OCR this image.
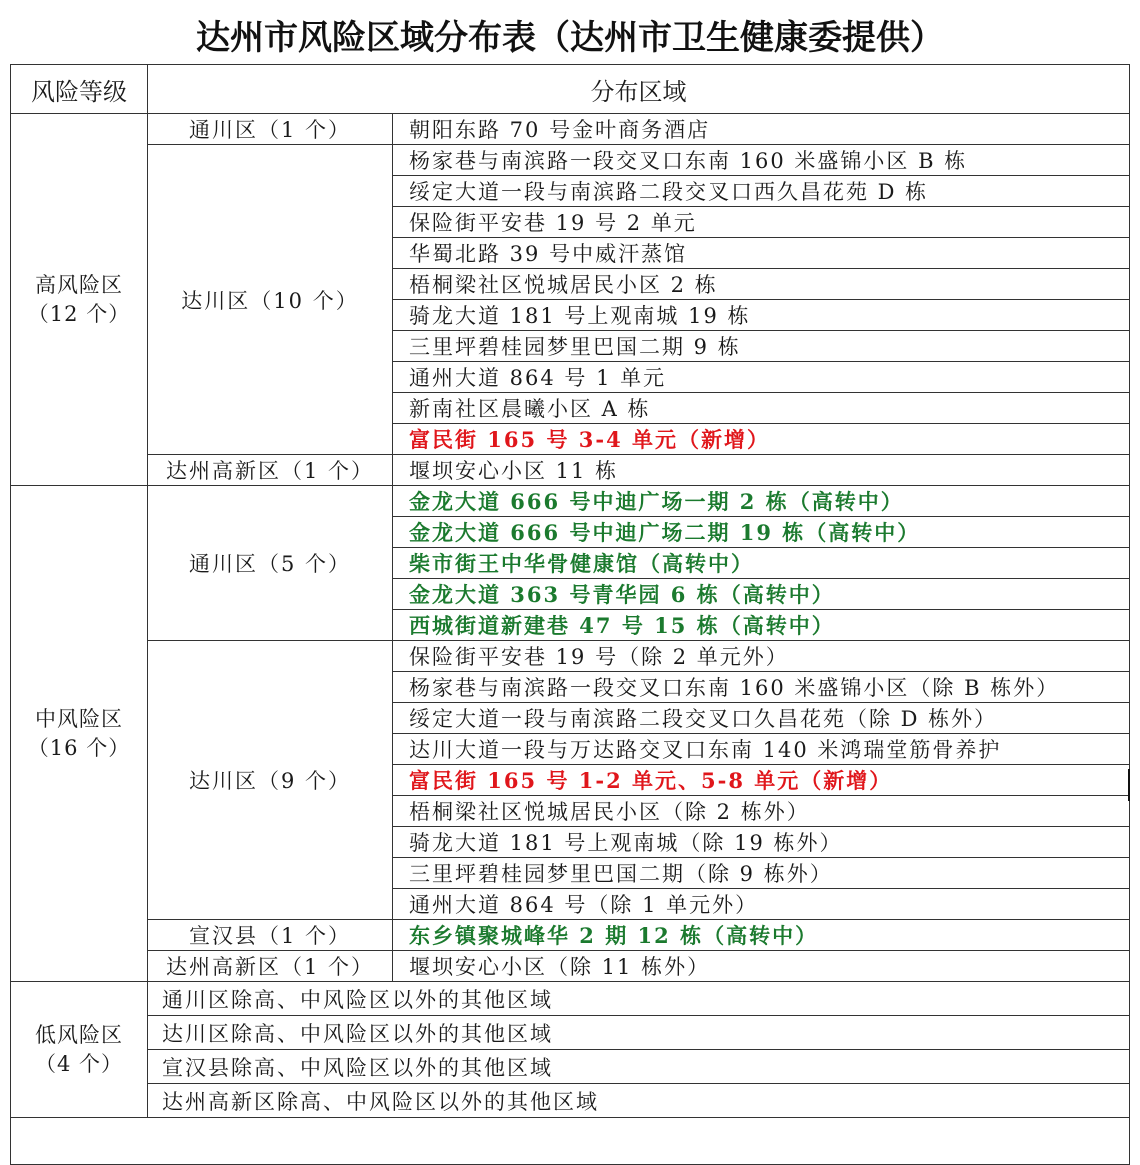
达州市风险区域分布表（达州市卫生健康委提供）
风险等级	分布区域	

高风险区
（12 个）	通川区（1 个）	朝阳东路 70 号金叶商务酒店
	达川区（10 个）	杨家巷与南滨路一段交叉口东南 160 米盛锦小区 B 栋
		绥定大道一段与南滨路二段交叉口西久昌花苑 D 栋
		保险街平安巷 19 号 2 单元
		华蜀北路 39 号中威汗蒸馆
		梧桐梁社区悦城居民小区 2 栋
		骑龙大道 181 号上观南城 19 栋
		三里坪碧桂园梦里巴国二期 9 栋
		通州大道 864 号 1 单元
		新南社区晨曦小区 A 栋
		富民街 165 号 3-4 单元（新增）
	达州高新区（1 个）	堰坝安心小区 11 栋

中风险区
（16 个）	通川区（5 个）	金龙大道 666 号中迪广场一期 2 栋（高转中）
		金龙大道 666 号中迪广场二期 19 栋（高转中）
		柴市街王中华骨健康馆（高转中）
		金龙大道 363 号青华园 6 栋（高转中）
		西城街道新建巷 47 号 15 栋（高转中）
	达川区（9 个）	保险街平安巷 19 号（除 2 单元外）
		杨家巷与南滨路一段交叉口东南 160 米盛锦小区（除 B 栋外）
		绥定大道一段与南滨路二段交叉口久昌花苑（除 D 栋外）
		达川大道一段与万达路交叉口东南 140 米鸿瑞堂筋骨养护
		富民街 165 号 1-2 单元、5-8 单元（新增）
		梧桐梁社区悦城居民小区（除 2 栋外）
		骑龙大道 181 号上观南城（除 19 栋外）
		三里坪碧桂园梦里巴国二期（除 9 栋外）
		通州大道 864 号（除 1 单元外）
	宣汉县（1 个）	东乡镇聚城峰华 2 期 12 栋（高转中）
	达州高新区（1 个）	堰坝安心小区（除 11 栋外）

低风险区
（4 个）	通川区除高、中风险区以外的其他区域	
	达川区除高、中风险区以外的其他区域	
	宣汉县除高、中风险区以外的其他区域	
	达州高新区除高、中风险区以外的其他区域	
